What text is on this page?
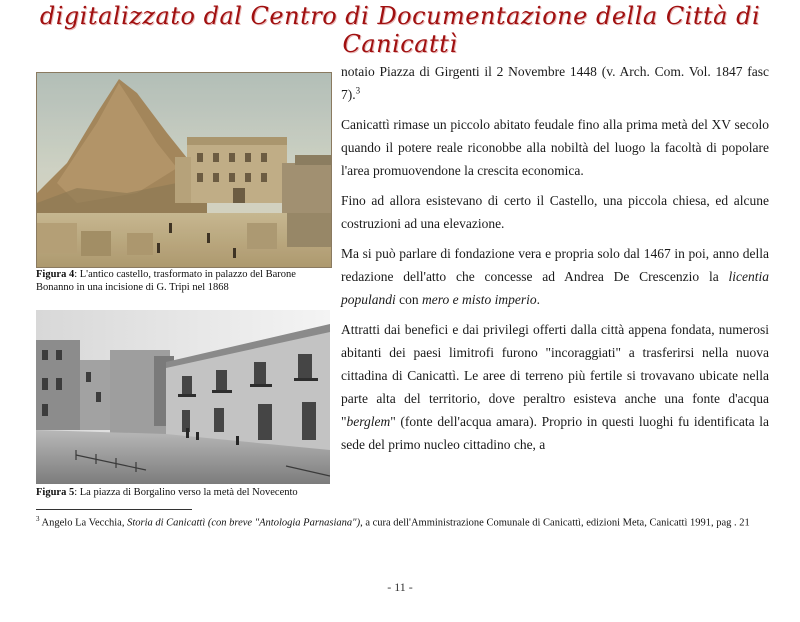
digitalizzato dal Centro di Documentazione della Città di Canicattì
Figura 4: L'antico castello, trasformato in palazzo del Barone Bonanno in una incisione di G. Tripi nel 1868
Figura 5: La piazza di Borgalino verso la metà del Novecento

notaio Piazza di Girgenti il 2 Novembre 1448 (v. Arch. Com. Vol. 1847 fasc 7).$^3$

Canicattì rimase un piccolo abitato feudale fino alla prima metà del XV secolo quando il potere reale riconobbe alla nobiltà del luogo la facoltà di popolare l'area promuovendone la crescita economica.

Fino ad allora esistevano di certo il Castello, una piccola chiesa, ed alcune costruzioni ad una elevazione.

Ma si può parlare di fondazione vera e propria solo dal 1467 in poi, anno della redazione dell'atto che concesse ad Andrea De Crescenzio la licentia populandi con mero e misto imperio.

Attratti dai benefici e dai privilegi offerti dalla città appena fondata, numerosi abitanti dei paesi limitrofi furono "incoraggiati" a trasferirsi nella nuova cittadina di Canicattì. Le aree di terreno più fertile si trovavano ubicate nella parte alta del territorio, dove peraltro esisteva anche una fonte d'acqua "berglem" (fonte dell'acqua amara). Proprio in questi luoghi fu identificata la sede del primo nucleo cittadino che, a

$^3$ Angelo La Vecchia, Storia di Canicattì (con breve "Antologia Parnasiana"), a cura dell'Amministrazione Comunale di Canicattì, edizioni Meta, Canicattì 1991, pag . 21
- 11 -
